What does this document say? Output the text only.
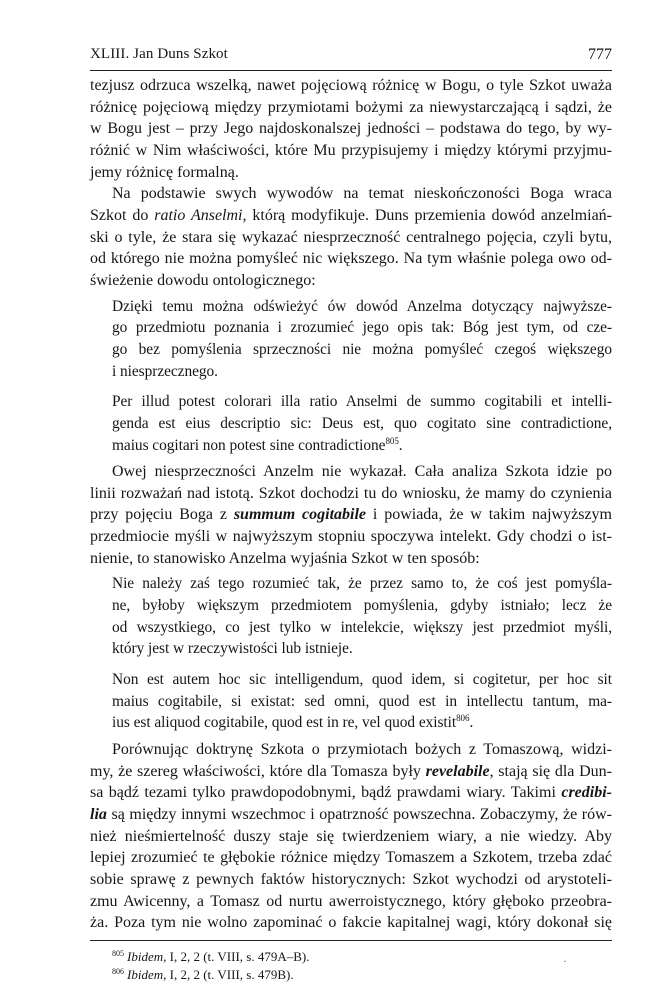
XLIII. Jan Duns Szkot	777
tezjusz odrzuca wszelką, nawet pojęciową różnicę w Bogu, o tyle Szkot uważa
różnicę pojęciową między przymiotami bożymi za niewystarczającą i sądzi, że
w Bogu jest – przy Jego najdoskonalszej jedności – podstawa do tego, by wy-
różnić w Nim właściwości, które Mu przypisujemy i między którymi przyjmu-
jemy różnicę formalną.
Na podstawie swych wywodów na temat nieskończoności Boga wraca
Szkot do ratio Anselmi, którą modyfikuje. Duns przemienia dowód anzelmiań-
ski o tyle, że stara się wykazać niesprzeczność centralnego pojęcia, czyli bytu,
od którego nie można pomyśleć nic większego. Na tym właśnie polega owo od-
świeżenie dowodu ontologicznego:
Dzięki temu można odświeżyć ów dowód Anzelma dotyczący najwyższe-
go przedmiotu poznania i zrozumieć jego opis tak: Bóg jest tym, od cze-
go bez pomyślenia sprzeczności nie można pomyśleć czegoś większego
i niesprzecznego.
Per illud potest colorari illa ratio Anselmi de summo cogitabili et intelli-
genda est eius descriptio sic: Deus est, quo cogitato sine contradictione,
maius cogitari non potest sine contradictione$^{805}$.
Owej niesprzeczności Anzelm nie wykazał. Cała analiza Szkota idzie po
linii rozważań nad istotą. Szkot dochodzi tu do wniosku, że mamy do czynienia
przy pojęciu Boga z summum cogitabile i powiada, że w takim najwyższym
przedmiocie myśli w najwyższym stopniu spoczywa intelekt. Gdy chodzi o ist-
nienie, to stanowisko Anzelma wyjaśnia Szkot w ten sposób:
Nie należy zaś tego rozumieć tak, że przez samo to, że coś jest pomyśla-
ne, byłoby większym przedmiotem pomyślenia, gdyby istniało; lecz że
od wszystkiego, co jest tylko w intelekcie, większy jest przedmiot myśli,
który jest w rzeczywistości lub istnieje.
Non est autem hoc sic intelligendum, quod idem, si cogitetur, per hoc sit
maius cogitabile, si existat: sed omni, quod est in intellectu tantum, ma-
ius est aliquod cogitabile, quod est in re, vel quod existit$^{806}$.
Porównując doktrynę Szkota o przymiotach bożych z Tomaszową, widzi-
my, że szereg właściwości, które dla Tomasza były revelabile, stają się dla Dun-
sa bądź tezami tylko prawdopodobnymi, bądź prawdami wiary. Takimi credibi-
lia są między innymi wszechmoc i opatrzność powszechna. Zobaczymy, że rów-
·
nież nieśmiertelność duszy staje się twierdzeniem wiary, a nie wiedzy. Aby
lepiej zrozumieć te głębokie różnice między Tomaszem a Szkotem, trzeba zdać
sobie sprawę z pewnych faktów historycznych: Szkot wychodzi od arystoteli-
zmu Awicenny, a Tomasz od nurtu awerroistycznego, który głęboko przeobra-
ża. Poza tym nie wolno zapominać o fakcie kapitalnej wagi, który dokonał się
$^{805}$ Ibidem, I, 2, 2 (t. VIII, s. 479A–B).
$^{806}$ Ibidem, I, 2, 2 (t. VIII, s. 479B).
